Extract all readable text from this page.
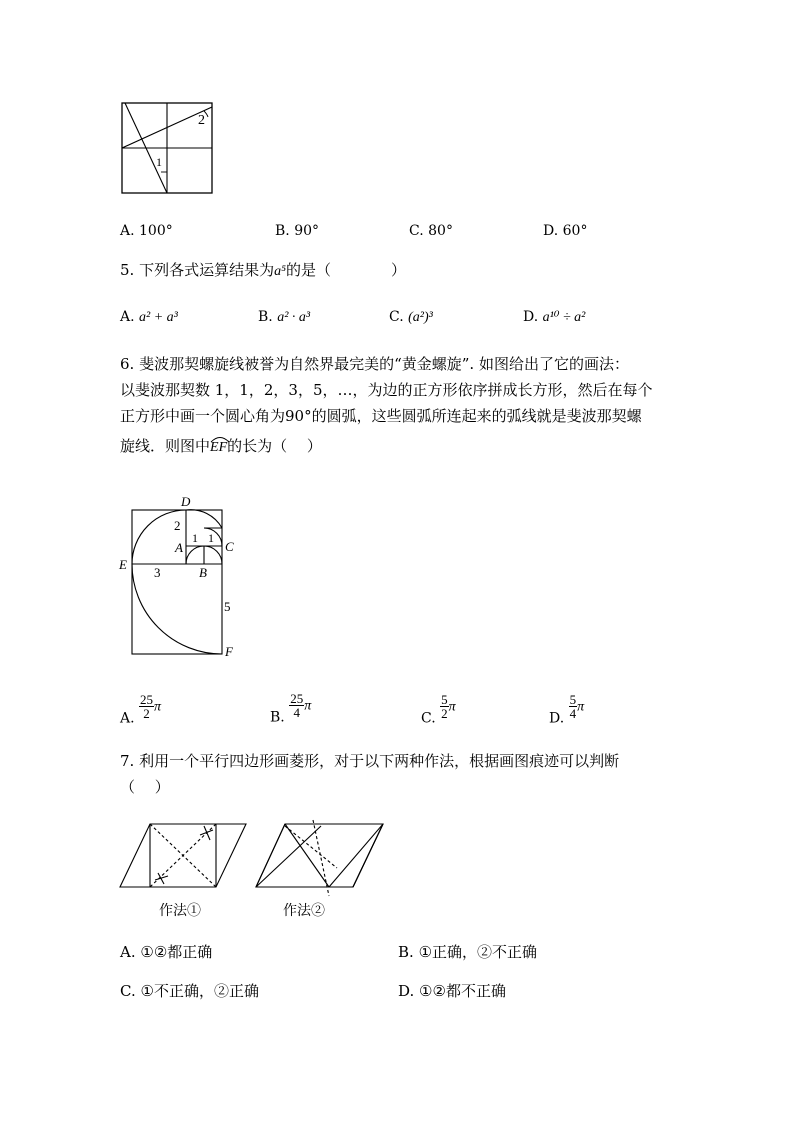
2
1
A. 100°	B. 90°	C. 80°	D. 60°
5. 下列各式运算结果为a⁵的是（　　　　）
A. a² + a³	B. a² · a³	C. (a²)³	D. a¹⁰ ÷ a²
6. 斐波那契螺旋线被誉为自然界最完美的“黄金螺旋”. 如图给出了它的画法：
以斐波那契数 1，1，2，3，5，…，为边的正方形依序拼成长方形，然后在每个
正方形中画一个圆心角为90°的圆弧，这些圆弧所连起来的弧线就是斐波那契螺
旋线．则图中EF
的长为（　 ）
D
C
A
B
E
F
2
1 1
3
5
A. $\frac{25}{2}$ π
B. $\frac{25}{4}$ π
C. $\frac{5}{2}$ π
D. $\frac{5}{4}$ π
7. 利用一个平行四边形画菱形，对于以下两种作法，根据画图痕迹可以判断
（　 ）
作法①	作法②
A. ①②都正确	B. ①正确，②不正确
C. ①不正确，②正确	D. ①②都不正确
